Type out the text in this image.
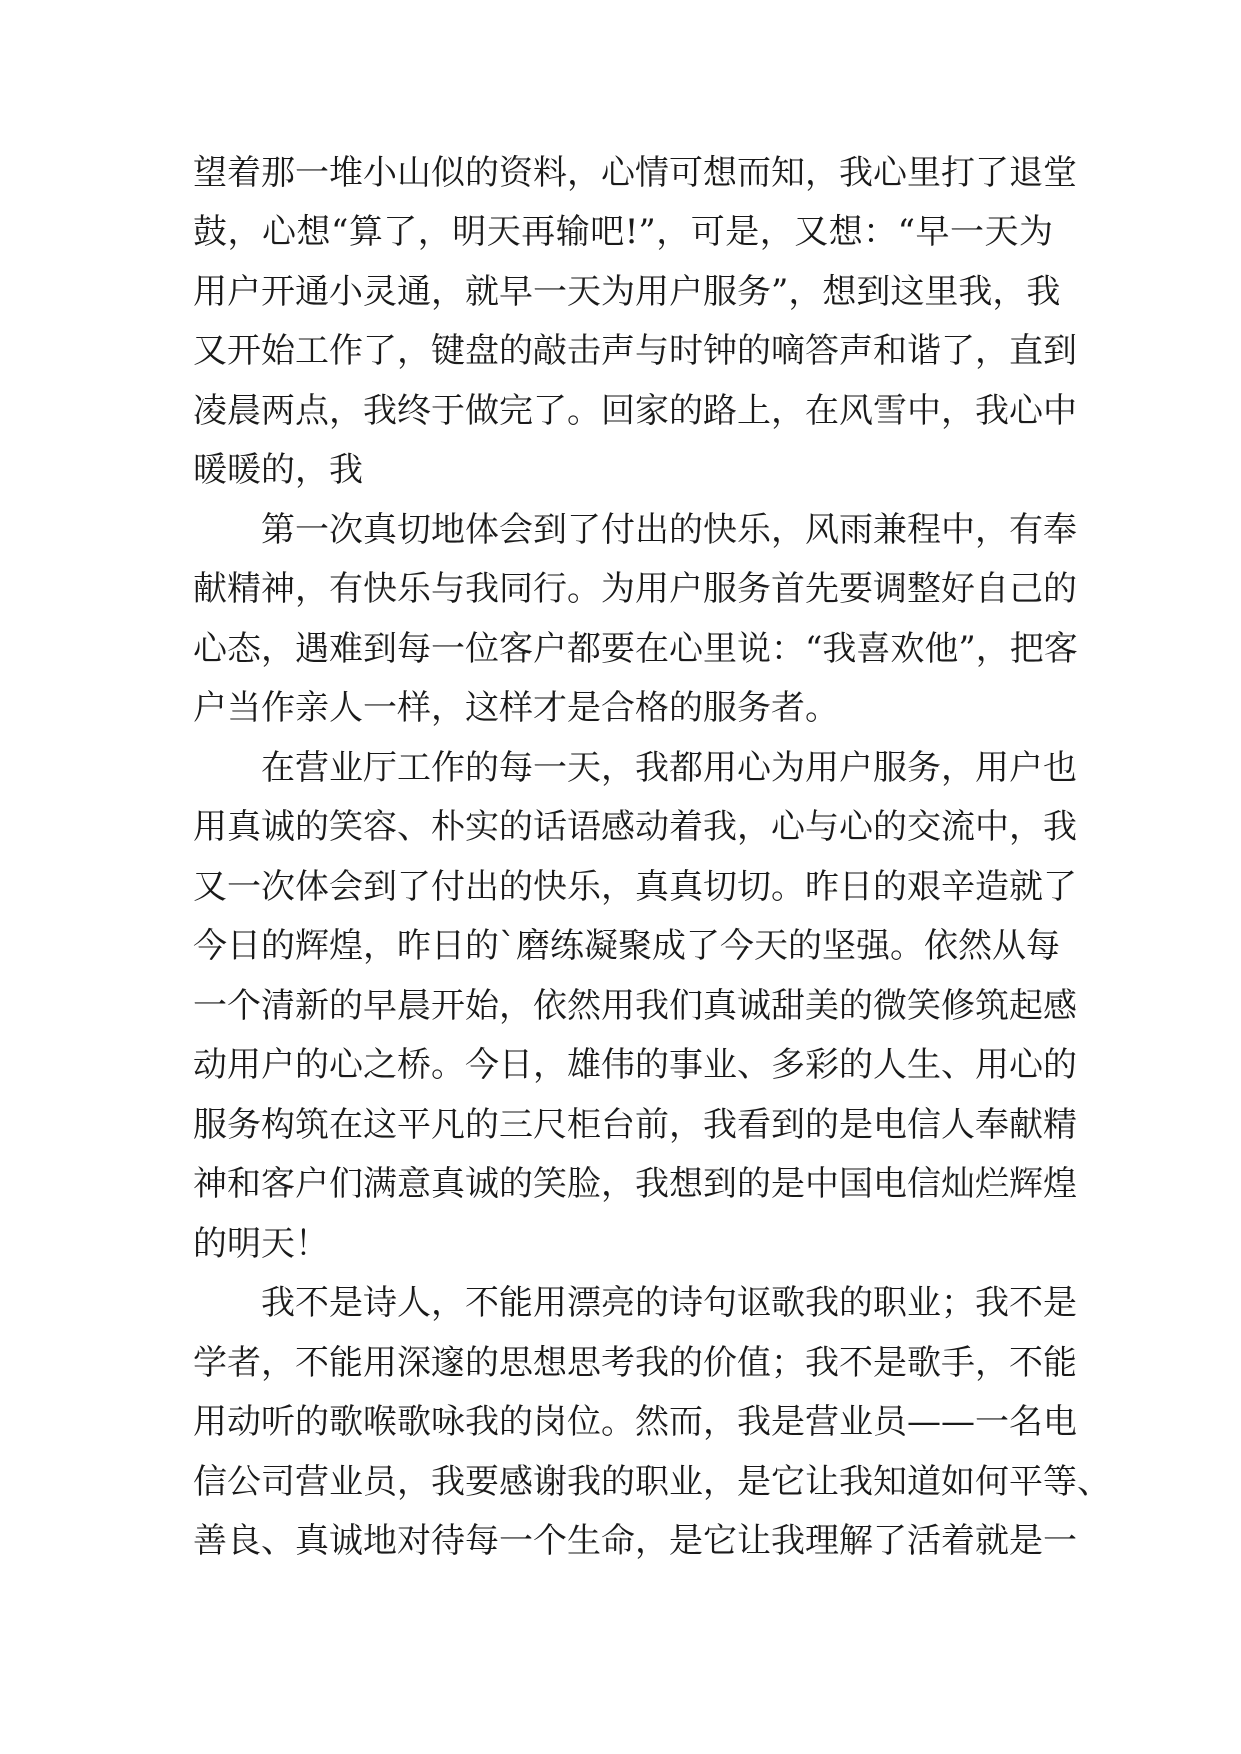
望着那一堆小山似的资料，心情可想而知，我心里打了退堂
鼓，心想“算了，明天再输吧!”，可是，又想：“早一天为
用户开通小灵通，就早一天为用户服务”，想到这里我，我
又开始工作了，键盘的敲击声与时钟的嘀答声和谐了，直到
凌晨两点，我终于做完了。回家的路上，在风雪中，我心中
暖暖的，我
第一次真切地体会到了付出的快乐，风雨兼程中，有奉
献精神，有快乐与我同行。为用户服务首先要调整好自己的
心态，遇难到每一位客户都要在心里说：“我喜欢他”，把客
户当作亲人一样，这样才是合格的服务者。
在营业厅工作的每一天，我都用心为用户服务，用户也
用真诚的笑容、朴实的话语感动着我，心与心的交流中，我
又一次体会到了付出的快乐，真真切切。昨日的艰辛造就了
今日的辉煌，昨日的`磨练凝聚成了今天的坚强。依然从每
一个清新的早晨开始，依然用我们真诚甜美的微笑修筑起感
动用户的心之桥。今日，雄伟的事业、多彩的人生、用心的
服务构筑在这平凡的三尺柜台前，我看到的是电信人奉献精
神和客户们满意真诚的笑脸，我想到的是中国电信灿烂辉煌
的明天！
我不是诗人，不能用漂亮的诗句讴歌我的职业；我不是
学者，不能用深邃的思想思考我的价值；我不是歌手，不能
用动听的歌喉歌咏我的岗位。然而，我是营业员——一名电
信公司营业员，我要感谢我的职业，是它让我知道如何平等、
善良、真诚地对待每一个生命，是它让我理解了活着就是一
